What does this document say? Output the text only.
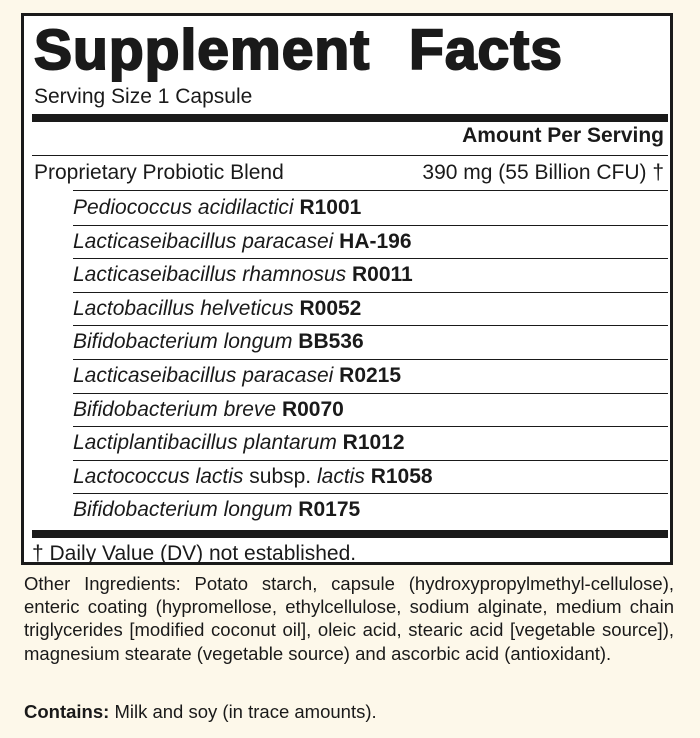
Supplement Facts
Serving Size 1 Capsule
Amount Per Serving
Proprietary Probiotic Blend	390 mg (55 Billion CFU) †
Pediococcus acidilactici R1001
Lacticaseibacillus paracasei HA-196
Lacticaseibacillus rhamnosus R0011
Lactobacillus helveticus R0052
Bifidobacterium longum BB536
Lacticaseibacillus paracasei R0215
Bifidobacterium breve R0070
Lactiplantibacillus plantarum R1012
Lactococcus lactis subsp. lactis R1058
Bifidobacterium longum R0175
† Daily Value (DV) not established.
Other Ingredients: Potato starch, capsule (hydroxypropylmethyl-cellulose), enteric coating (hypromellose, ethylcellulose, sodium alginate, medium chain triglycerides [modified coconut oil], oleic acid, stearic acid [vegetable source]), magnesium stearate (vegetable source) and ascorbic acid (antioxidant).
Contains: Milk and soy (in trace amounts).
